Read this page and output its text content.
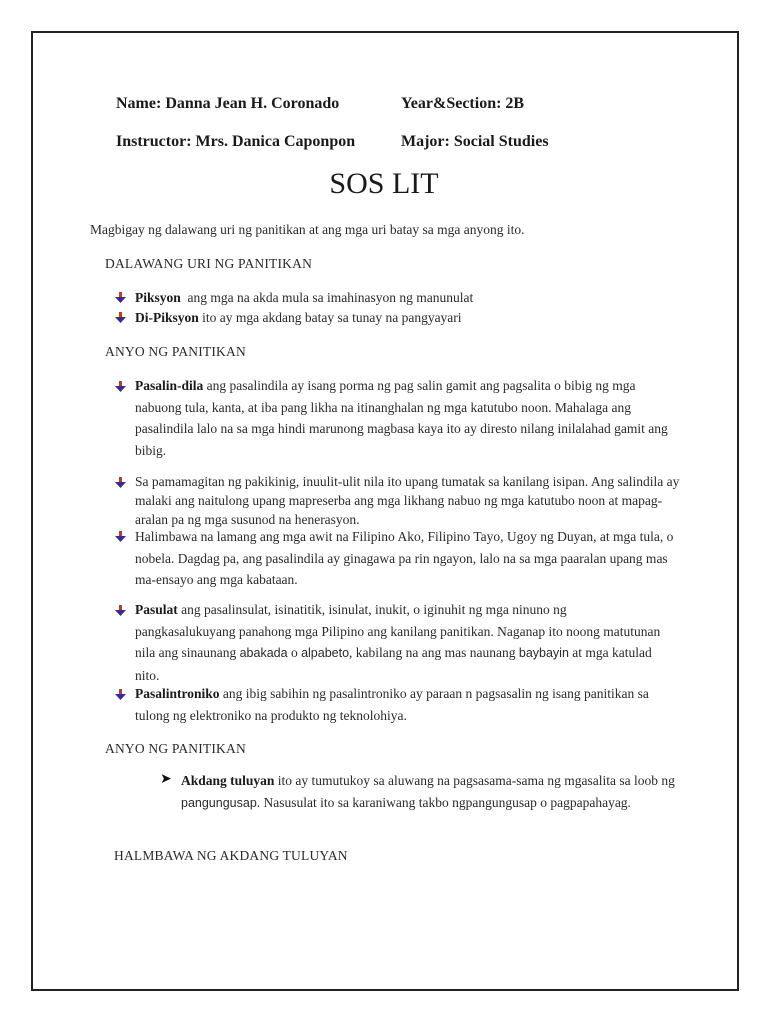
Name: Danna Jean H. Coronado	Year&Section: 2B
Instructor: Mrs. Danica Caponpon	Major: Social Studies
SOS LIT
Magbigay ng dalawang uri ng panitikan at ang mga uri batay sa mga anyong ito.
DALAWANG URI NG PANITIKAN
Piksyon  ang mga na akda mula sa imahinasyon ng manunulat
Di-Piksyon ito ay mga akdang batay sa tunay na pangyayari
ANYO NG PANITIKAN
Pasalin-dila ang pasalindila ay isang porma ng pag salin gamit ang pagsalita o bibig ng mga nabuong tula, kanta, at iba pang likha na itinanghalan ng mga katutubo noon. Mahalaga ang pasalindila lalo na sa mga hindi marunong magbasa kaya ito ay diresto nilang inilalahad gamit ang bibig.
Sa pamamagitan ng pakikinig, inuulit-ulit nila ito upang tumatak sa kanilang isipan. Ang salindila ay malaki ang naitulong upang mapreserba ang mga likhang nabuo ng mga katutubo noon at mapag-aralan pa ng mga susunod na henerasyon.
Halimbawa na lamang ang mga awit na Filipino Ako, Filipino Tayo, Ugoy ng Duyan, at mga tula, o nobela. Dagdag pa, ang pasalindila ay ginagawa pa rin ngayon, lalo na sa mga paaralan upang mas ma-ensayo ang mga kabataan.
Pasulat ang pasalinsulat, isinatitik, isinulat, inukit, o iginuhit ng mga ninuno ng pangkasalukuyang panahong mga Pilipino ang kanilang panitikan. Naganap ito noong matutunan nila ang sinaunang abakada o alpabeto, kabilang na ang mas naunang baybayin at mga katulad nito.
Pasalintroniko ang ibig sabihin ng pasalintroniko ay paraan n pagsasalin ng isang panitikan sa tulong ng elektroniko na produkto ng teknolohiya.
ANYO NG PANITIKAN
➤ Akdang tuluyan ito ay tumutukoy sa aluwang na pagsasama-sama ng mgasalita sa loob ng pangungusap. Nasusulat ito sa karaniwang takbo ngpangungusap o pagpapahayag.
HALMBAWA NG AKDANG TULUYAN
